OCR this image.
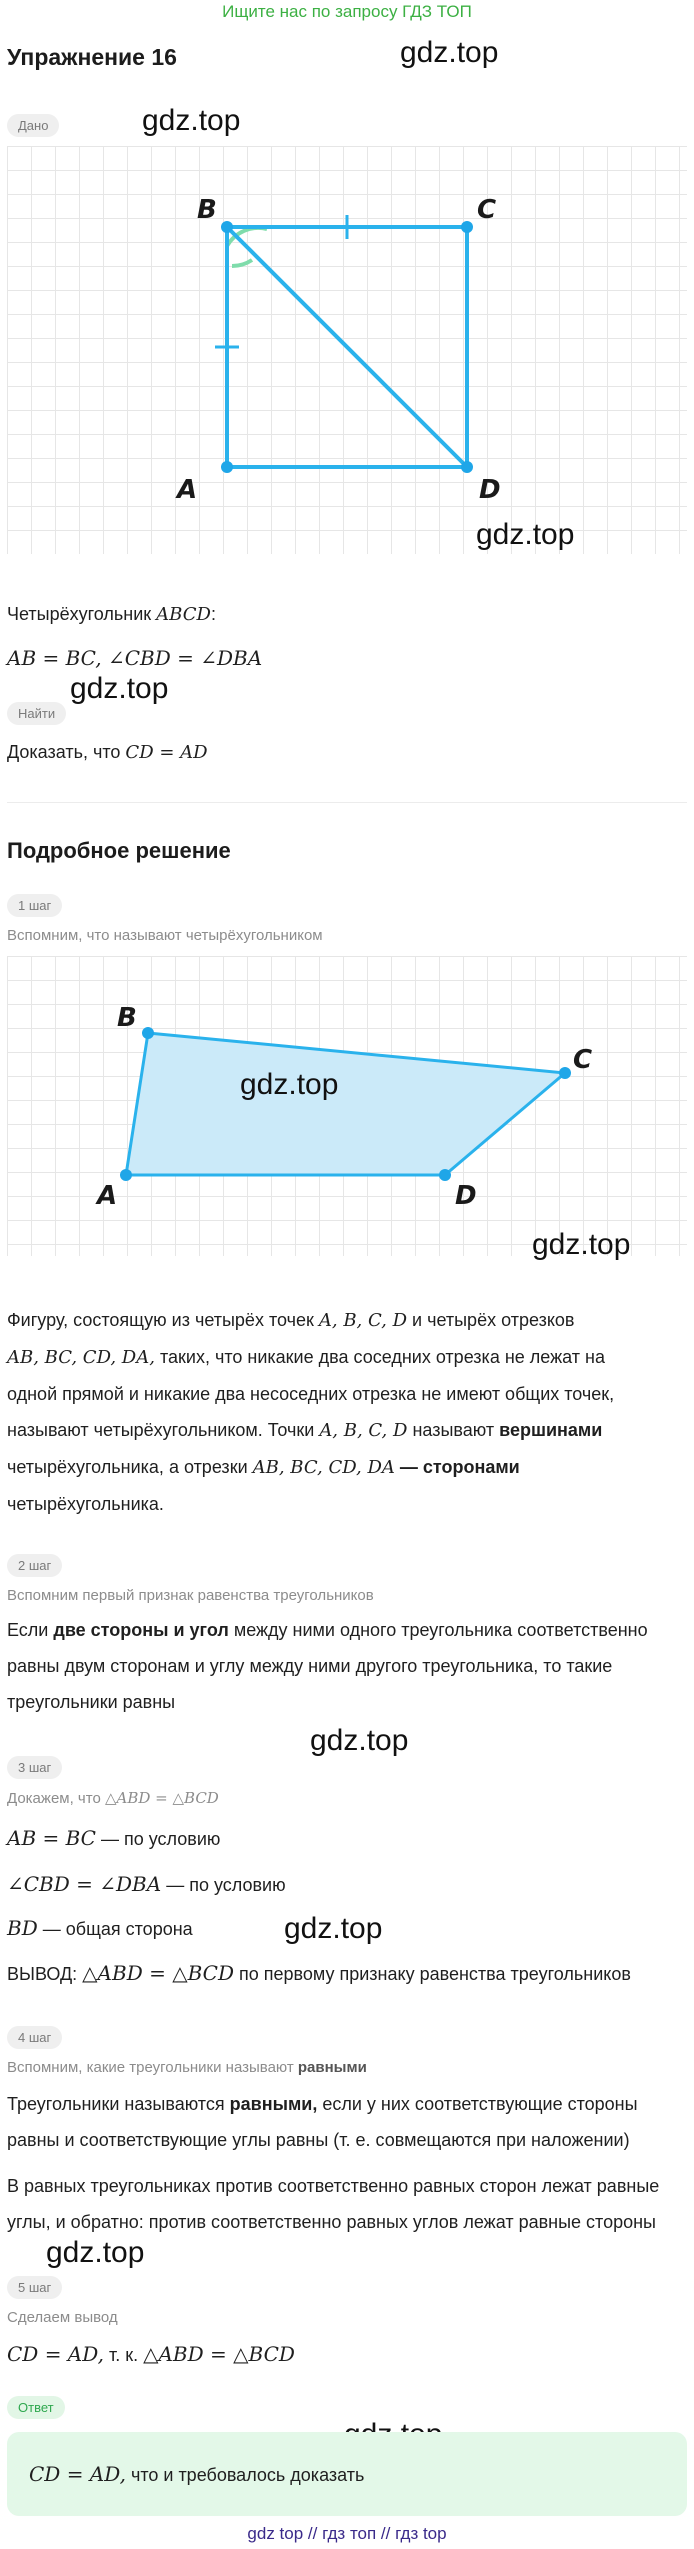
Ищите нас по запросу ГДЗ ТОП
Упражнение 16	gdz.top
Дано	gdz.top
B	C
A	D
gdz.top
Четырёхугольник ABCD:
AB = BC, ∠CBD = ∠DBA
Найти
gdz.top
Доказать, что CD = AD
Подробное решение
1 шаг
Вспомним, что называют четырёхугольником
B
C
D
A
gdz.top
gdz.top
Фигуру, состоящую из четырёх точек A, B, C, D и четырёх отрезков
AB, BC, CD, DA, таких, что никакие два соседних отрезка не лежат на
одной прямой и никакие два несоседних отрезка не имеют общих точек,
называют четырёхугольником. Точки A, B, C, D называют вершинами
четырёхугольника, а отрезки AB, BC, CD, DA — сторонами
четырёхугольника.
2 шаг
Вспомним первый признак равенства треугольников
Если две стороны и угол между ними одного треугольника соответственно
равны двум сторонам и углу между ними другого треугольника, то такие
треугольники равны
gdz.top
3 шаг
Докажем, что △ABD = △BCD
AB = BC — по условию
∠CBD = ∠DBA — по условию
BD — общая сторона	gdz.top
ВЫВОД: △ABD = △BCD по первому признаку равенства треугольников
4 шаг
Вспомним, какие треугольники называют равными
Треугольники называются равными, если у них соответствующие стороны
равны и соответствующие углы равны (т. е. совмещаются при наложении)
В равных треугольниках против соответственно равных сторон лежат равные
углы, и обратно: против соответственно равных углов лежат равные стороны
gdz.top
5 шаг
Сделаем вывод
CD = AD, т. к. △ABD = △BCD
Ответ
CD = AD, что и требовалось доказать
gdz top // гдз топ // гдз top
